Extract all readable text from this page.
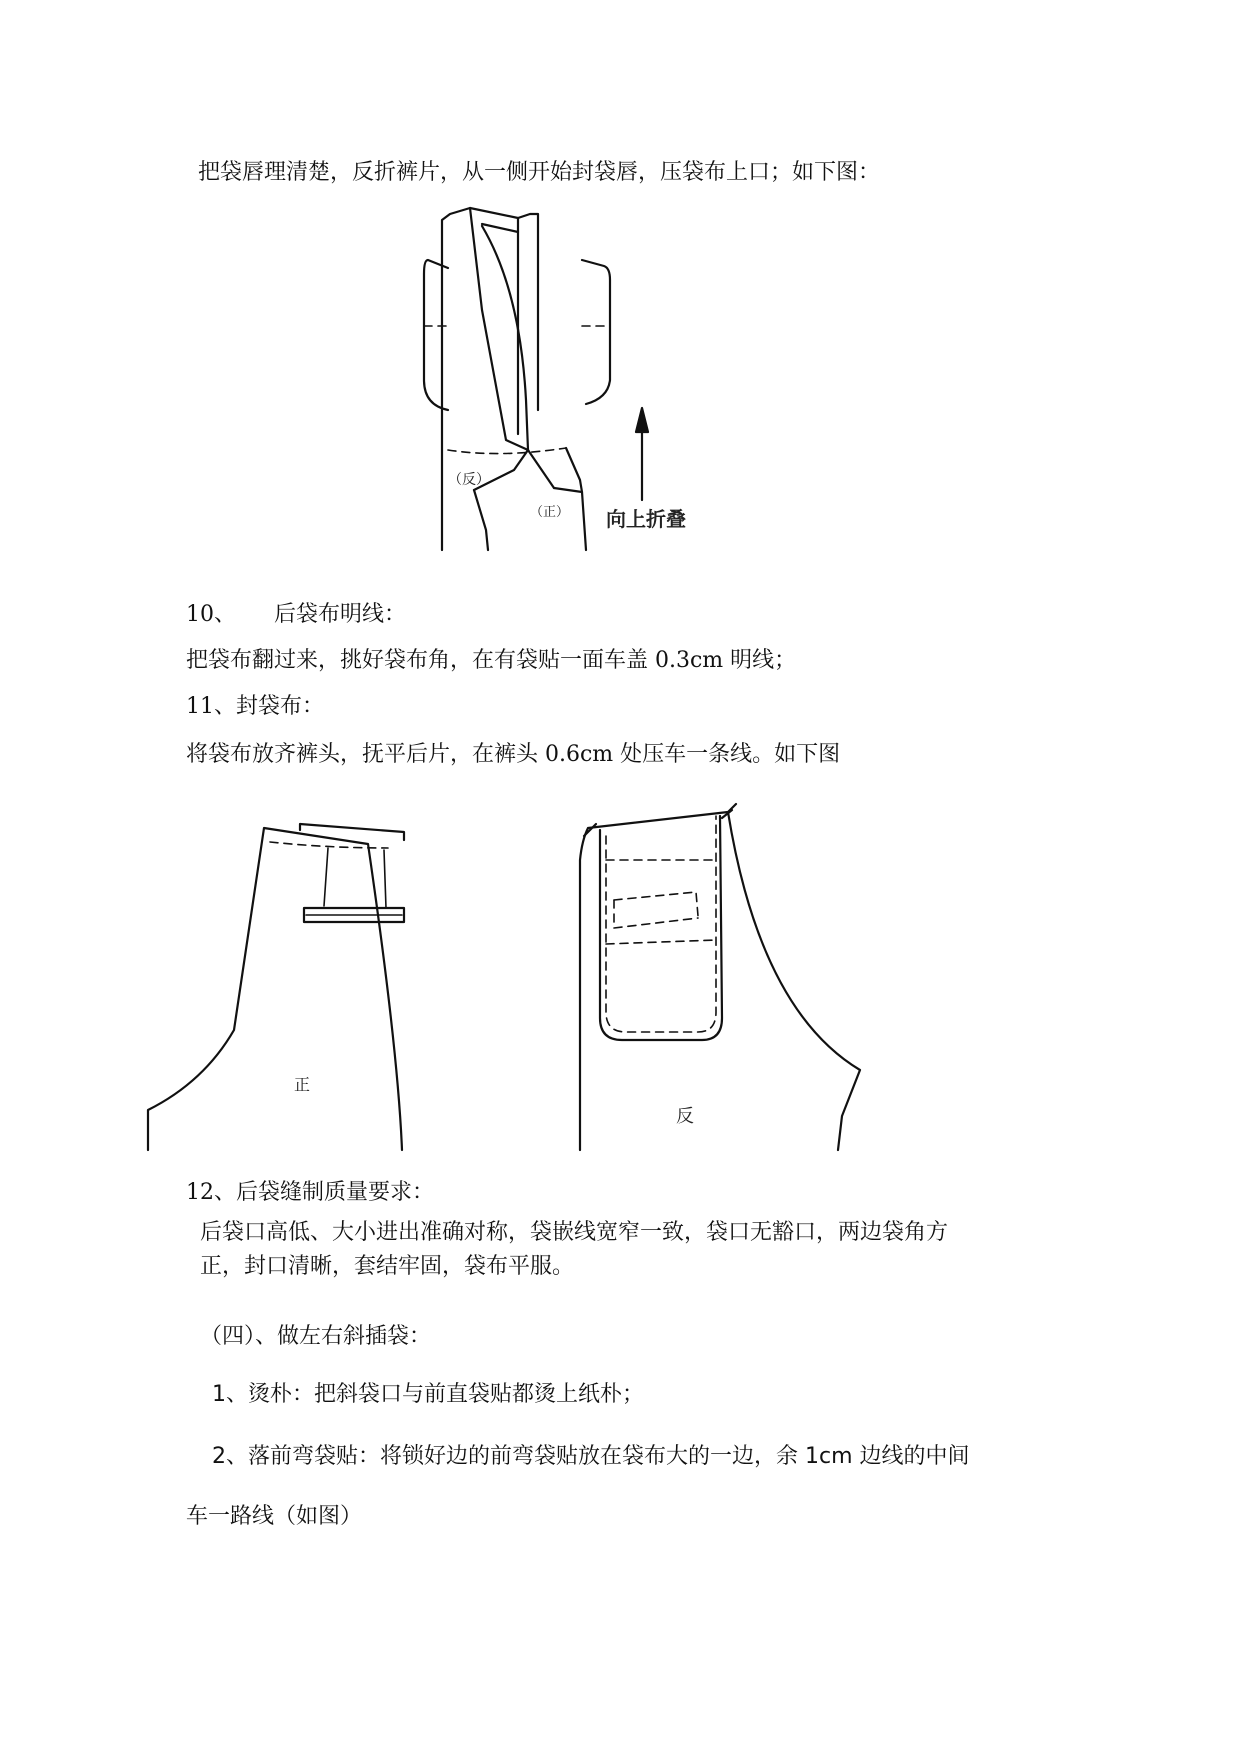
把袋唇理清楚，反折裤片，从一侧开始封袋唇，压袋布上口；如下图：

（反）
（正） 向上折叠

10、 后袋布明线：

把袋布翻过来，挑好袋布角，在有袋贴一面车盖 0.3cm 明线；

11、封袋布：

将袋布放齐裤头，抚平后片，在裤头 0.6cm 处压车一条线。如下图

正
反

12、后袋缝制质量要求：

后袋口高低、大小进出准确对称，袋嵌线宽窄一致，袋口无豁口，两边袋角方

正，封口清晰，套结牢固，袋布平服。

（四）、做左右斜插袋：

1、烫朴：把斜袋口与前直袋贴都烫上纸朴；

2、落前弯袋贴：将锁好边的前弯袋贴放在袋布大的一边，余 1cm 边线的中间

车一路线（如图）
